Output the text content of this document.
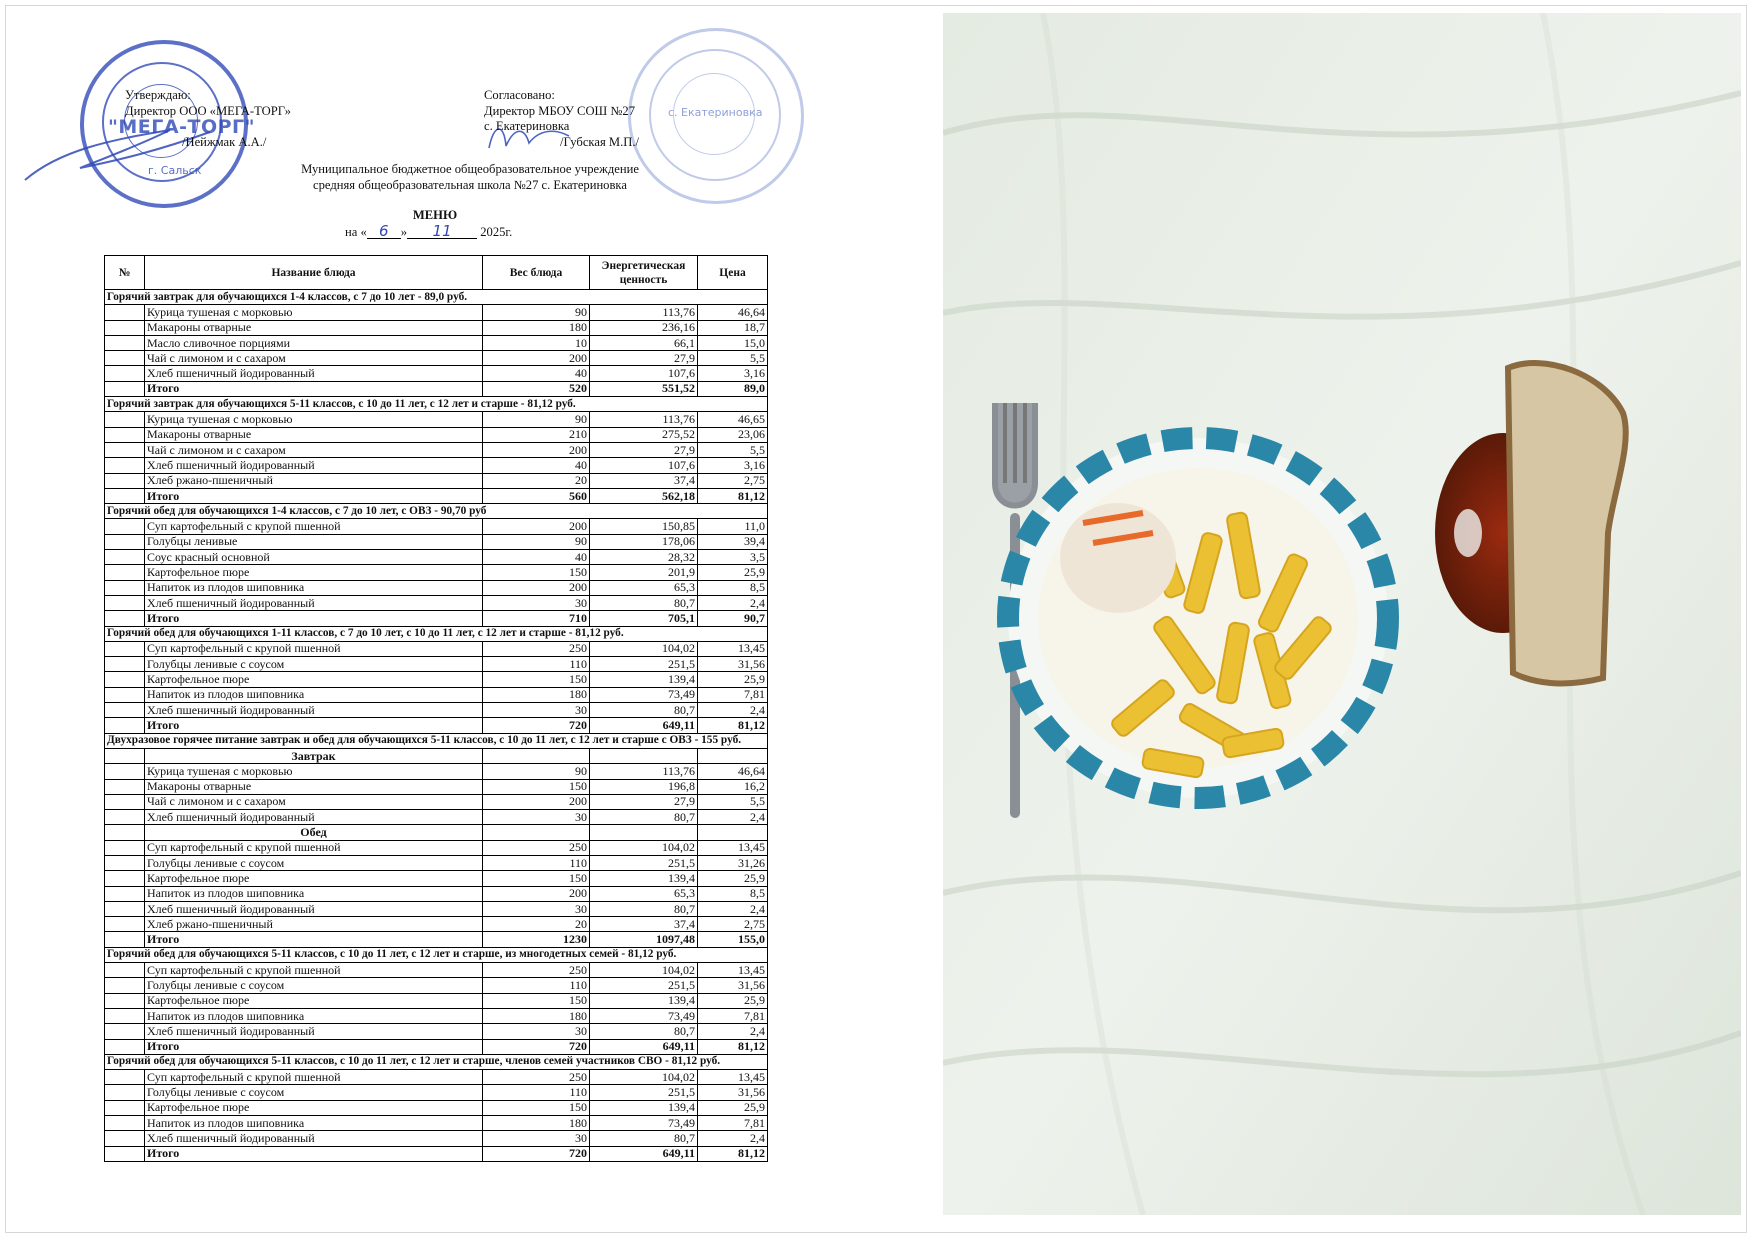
"МЕГА-ТОРГ"
г. Сальск
с. Екатериновка
Утверждаю:
Директор ООО «МЕГА-ТОРГ»
/Нейжмак А.А./
Согласовано:
Директор МБОУ СОШ №27
с. Екатериновка
/Губская М.П./
Муниципальное бюджетное общеобразовательное учреждение
средняя общеобразовательная школа №27 с. Екатериновка
МЕНЮ
на « 6 » 11 2025г.
№	Название блюда	Вес блюда	Энергетическая ценность	Цена
Горячий завтрак для обучающихся 1-4 классов, с 7 до 10 лет - 89,0 руб.				
	Курица тушеная с морковью	90	113,76	46,64
	Макароны отварные	180	236,16	18,7
	Масло сливочное порциями	10	66,1	15,0
	Чай с лимоном и с сахаром	200	27,9	5,5
	Хлеб пшеничный йодированный	40	107,6	3,16
	Итого	520	551,52	89,0
Горячий завтрак для обучающихся 5-11 классов, с 10 до 11 лет, с 12 лет и старше - 81,12 руб.				
	Курица тушеная с морковью	90	113,76	46,65
	Макароны отварные	210	275,52	23,06
	Чай с лимоном и с сахаром	200	27,9	5,5
	Хлеб пшеничный йодированный	40	107,6	3,16
	Хлеб ржано-пшеничный	20	37,4	2,75
	Итого	560	562,18	81,12
Горячий обед для обучающихся 1-4 классов, с 7 до 10 лет, с ОВЗ - 90,70 руб				
	Суп картофельный с крупой пшенной	200	150,85	11,0
	Голубцы ленивые	90	178,06	39,4
	Соус красный основной	40	28,32	3,5
	Картофельное пюре	150	201,9	25,9
	Напиток из плодов шиповника	200	65,3	8,5
	Хлеб пшеничный йодированный	30	80,7	2,4
	Итого	710	705,1	90,7
Горячий обед для обучающихся 1-11 классов, с 7 до 10 лет, с 10 до 11 лет, с 12 лет и старше - 81,12 руб.				
	Суп картофельный с крупой пшенной	250	104,02	13,45
	Голубцы ленивые с соусом	110	251,5	31,56
	Картофельное пюре	150	139,4	25,9
	Напиток из плодов шиповника	180	73,49	7,81
	Хлеб пшеничный йодированный	30	80,7	2,4
	Итого	720	649,11	81,12
Двухразовое горячее питание завтрак и обед для обучающихся 5-11 классов, с 10 до 11 лет, с 12 лет и старше с ОВЗ - 155 руб.				
	Завтрак			
	Курица тушеная с морковью	90	113,76	46,64
	Макароны отварные	150	196,8	16,2
	Чай с лимоном и с сахаром	200	27,9	5,5
	Хлеб пшеничный йодированный	30	80,7	2,4
	Обед			
	Суп картофельный с крупой пшенной	250	104,02	13,45
	Голубцы ленивые с соусом	110	251,5	31,26
	Картофельное пюре	150	139,4	25,9
	Напиток из плодов шиповника	200	65,3	8,5
	Хлеб пшеничный йодированный	30	80,7	2,4
	Хлеб ржано-пшеничный	20	37,4	2,75
	Итого	1230	1097,48	155,0
Горячий обед для обучающихся 5-11 классов, с 10 до 11 лет, с 12 лет и старше, из многодетных семей - 81,12 руб.				
	Суп картофельный с крупой пшенной	250	104,02	13,45
	Голубцы ленивые с соусом	110	251,5	31,56
	Картофельное пюре	150	139,4	25,9
	Напиток из плодов шиповника	180	73,49	7,81
	Хлеб пшеничный йодированный	30	80,7	2,4
	Итого	720	649,11	81,12
Горячий обед для обучающихся 5-11 классов, с 10 до 11 лет, с 12 лет и старше, членов семей участников СВО - 81,12 руб.				
	Суп картофельный с крупой пшенной	250	104,02	13,45
	Голубцы ленивые с соусом	110	251,5	31,56
	Картофельное пюре	150	139,4	25,9
	Напиток из плодов шиповника	180	73,49	7,81
	Хлеб пшеничный йодированный	30	80,7	2,4
	Итого	720	649,11	81,12
